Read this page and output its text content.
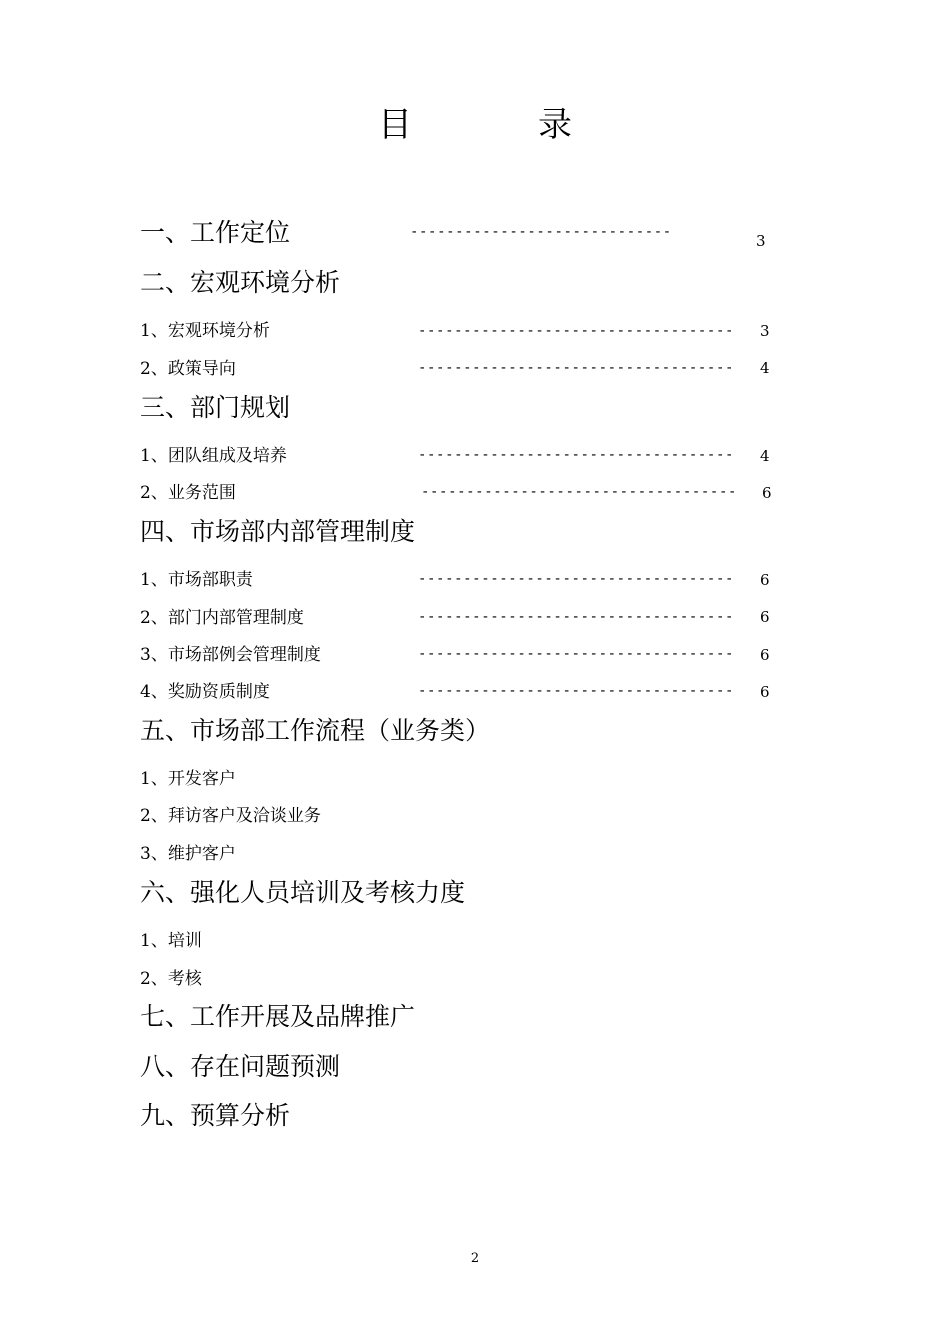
目　录
一、工作定位	-----------------------------	3
二、宏观环境分析
1、宏观环境分析	----------------------------------- 3
2、政策导向	----------------------------------- 4
三、部门规划
1、团队组成及培养	----------------------------------- 4
2、业务范围	----------------------------------- 6
四、市场部内部管理制度
1、市场部职责	----------------------------------- 6
2、部门内部管理制度	----------------------------------- 6
3、市场部例会管理制度	----------------------------------- 6
4、奖励资质制度	----------------------------------- 6
五、市场部工作流程（业务类）
1、开发客户
2、拜访客户及洽谈业务
3、维护客户
六、强化人员培训及考核力度
1、培训
2、考核
七、工作开展及品牌推广
八、存在问题预测
九、预算分析
2
